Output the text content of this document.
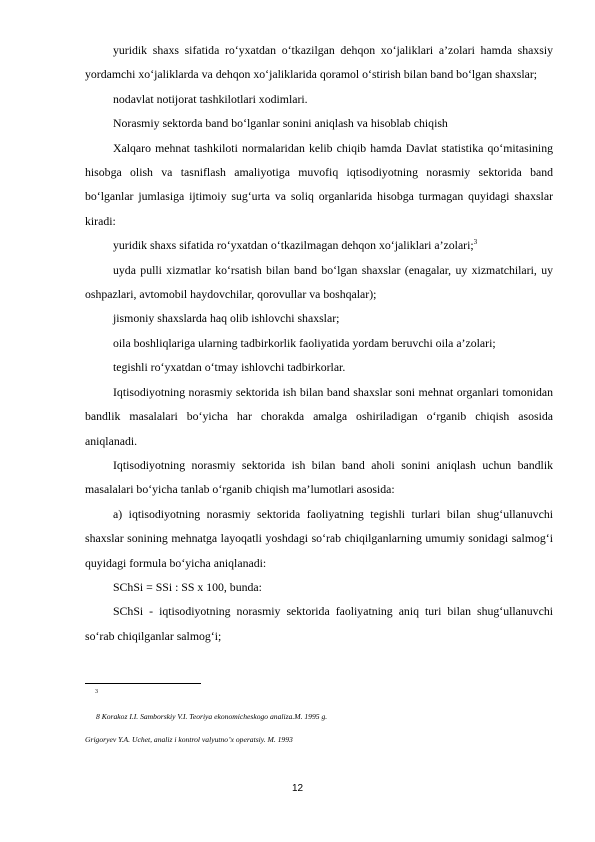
yuridik shaxs sifatida ro‘yxatdan o‘tkazilgan dehqon xo‘jaliklari a’zolari hamda shaxsiy yordamchi xo‘jaliklarda va dehqon xo‘jaliklarida qoramol o‘stirish bilan band bo‘lgan shaxslar;

nodavlat notijorat tashkilotlari xodimlari.

Norasmiy sektorda band bo‘lganlar sonini aniqlash va hisoblab chiqish

Xalqaro mehnat tashkiloti normalaridan kelib chiqib hamda Davlat statistika qo‘mitasining hisobga olish va tasniflash amaliyotiga muvofiq iqtisodiyotning norasmiy sektorida band bo‘lganlar jumlasiga ijtimoiy sug‘urta va soliq organlarida hisobga turmagan quyidagi shaxslar kiradi:

yuridik shaxs sifatida ro‘yxatdan o‘tkazilmagan dehqon xo‘jaliklari a’zolari;$^3$

uyda pulli xizmatlar ko‘rsatish bilan band bo‘lgan shaxslar (enagalar, uy xizmatchilari, uy oshpazlari, avtomobil haydovchilar, qorovullar va boshqalar);

jismoniy shaxslarda haq olib ishlovchi shaxslar;

oila boshliqlariga ularning tadbirkorlik faoliyatida yordam beruvchi oila a’zolari;

tegishli ro‘yxatdan o‘tmay ishlovchi tadbirkorlar.

Iqtisodiyotning norasmiy sektorida ish bilan band shaxslar soni mehnat organlari tomonidan bandlik masalalari bo‘yicha har chorakda amalga oshiriladigan o‘rganib chiqish asosida aniqlanadi.

Iqtisodiyotning norasmiy sektorida ish bilan band aholi sonini aniqlash uchun bandlik masalalari bo‘yicha tanlab o‘rganib chiqish ma’lumotlari asosida:

a) iqtisodiyotning norasmiy sektorida faoliyatning tegishli turlari bilan shug‘ullanuvchi shaxslar sonining mehnatga layoqatli yoshdagi so‘rab chiqilganlarning umumiy sonidagi salmog‘i quyidagi formula bo‘yicha aniqlanadi:

SChSi = SSi : SS x 100, bunda:

SChSi - iqtisodiyotning norasmiy sektorida faoliyatning aniq turi bilan shug‘ullanuvchi so‘rab chiqilganlar salmog‘i;

3
8 Korakoz I.I. Samborskiy V.I. Teoriya ekonomicheskogo analiza.M. 1995 g.
Grigoryev Y.A. Uchet, analiz i kontrol valyutno’x operatsiy. M. 1993
12
